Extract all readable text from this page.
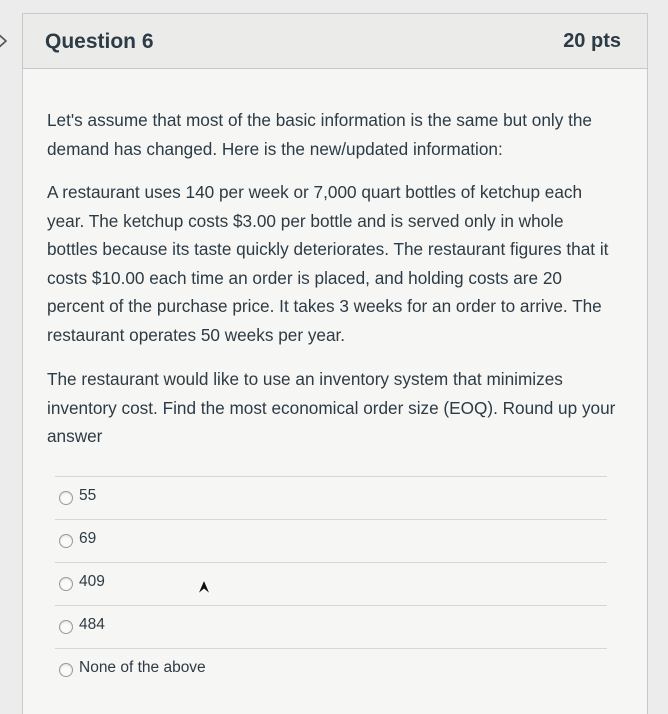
Question 6	20 pts
Let's assume that most of the basic information is the same but only the demand has changed. Here is the new/updated information:
A restaurant uses 140 per week or 7,000 quart bottles of ketchup each year. The ketchup costs $3.00 per bottle and is served only in whole bottles because its taste quickly deteriorates. The restaurant figures that it costs $10.00 each time an order is placed, and holding costs are 20 percent of the purchase price. It takes 3 weeks for an order to arrive. The restaurant operates 50 weeks per year.
The restaurant would like to use an inventory system that minimizes inventory cost. Find the most economical order size (EOQ). Round up your answer
55
69
409
484
None of the above
